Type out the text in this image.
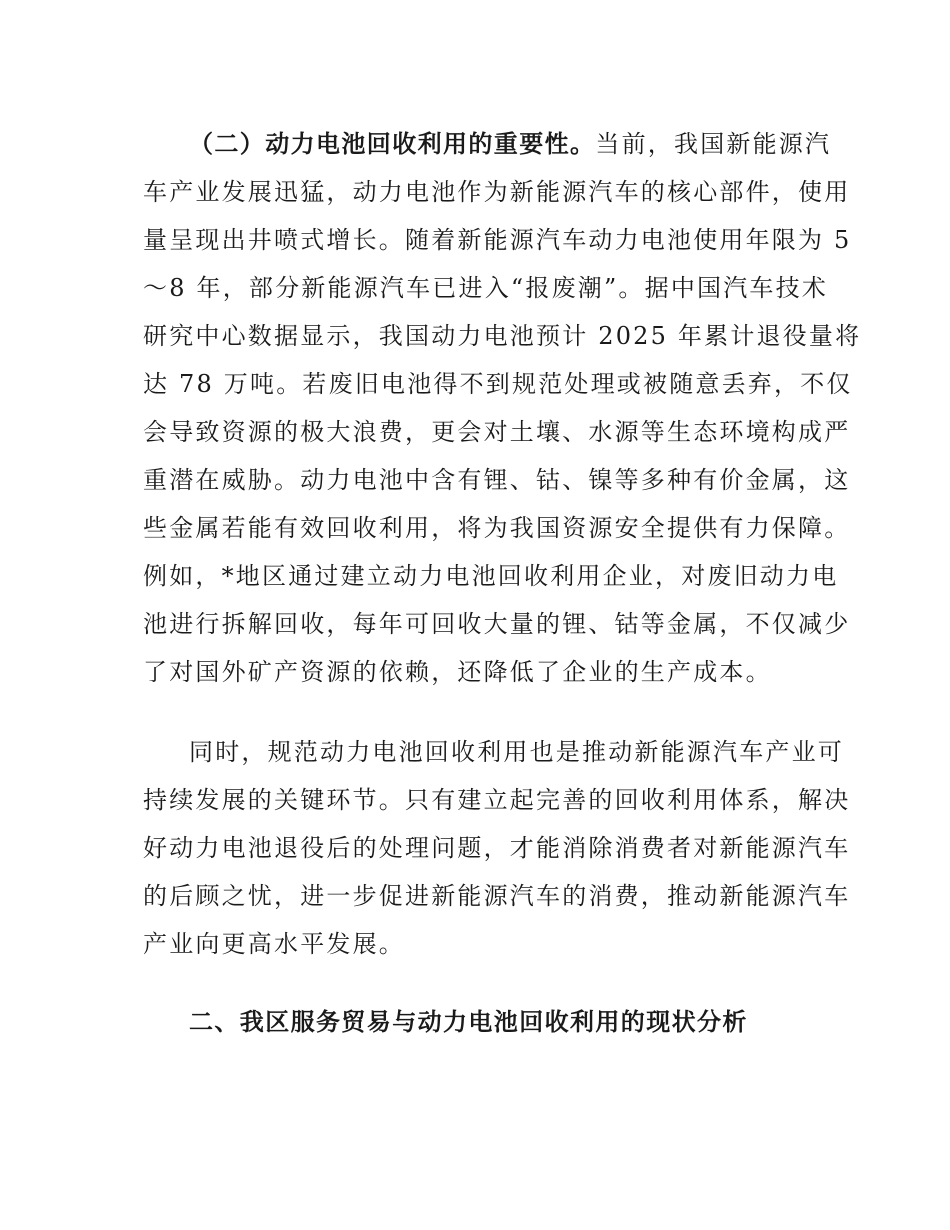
（二）动力电池回收利用的重要性。当前，我国新能源汽
车产业发展迅猛，动力电池作为新能源汽车的核心部件，使用
量呈现出井喷式增长。随着新能源汽车动力电池使用年限为 5
～8 年，部分新能源汽车已进入“报废潮”。据中国汽车技术
研究中心数据显示，我国动力电池预计 2025 年累计退役量将
达 78 万吨。若废旧电池得不到规范处理或被随意丢弃，不仅
会导致资源的极大浪费，更会对土壤、水源等生态环境构成严
重潜在威胁。动力电池中含有锂、钴、镍等多种有价金属，这
些金属若能有效回收利用，将为我国资源安全提供有力保障。
例如，*地区通过建立动力电池回收利用企业，对废旧动力电
池进行拆解回收，每年可回收大量的锂、钴等金属，不仅减少
了对国外矿产资源的依赖，还降低了企业的生产成本。
同时，规范动力电池回收利用也是推动新能源汽车产业可
持续发展的关键环节。只有建立起完善的回收利用体系，解决
好动力电池退役后的处理问题，才能消除消费者对新能源汽车
的后顾之忧，进一步促进新能源汽车的消费，推动新能源汽车
产业向更高水平发展。
二、我区服务贸易与动力电池回收利用的现状分析
